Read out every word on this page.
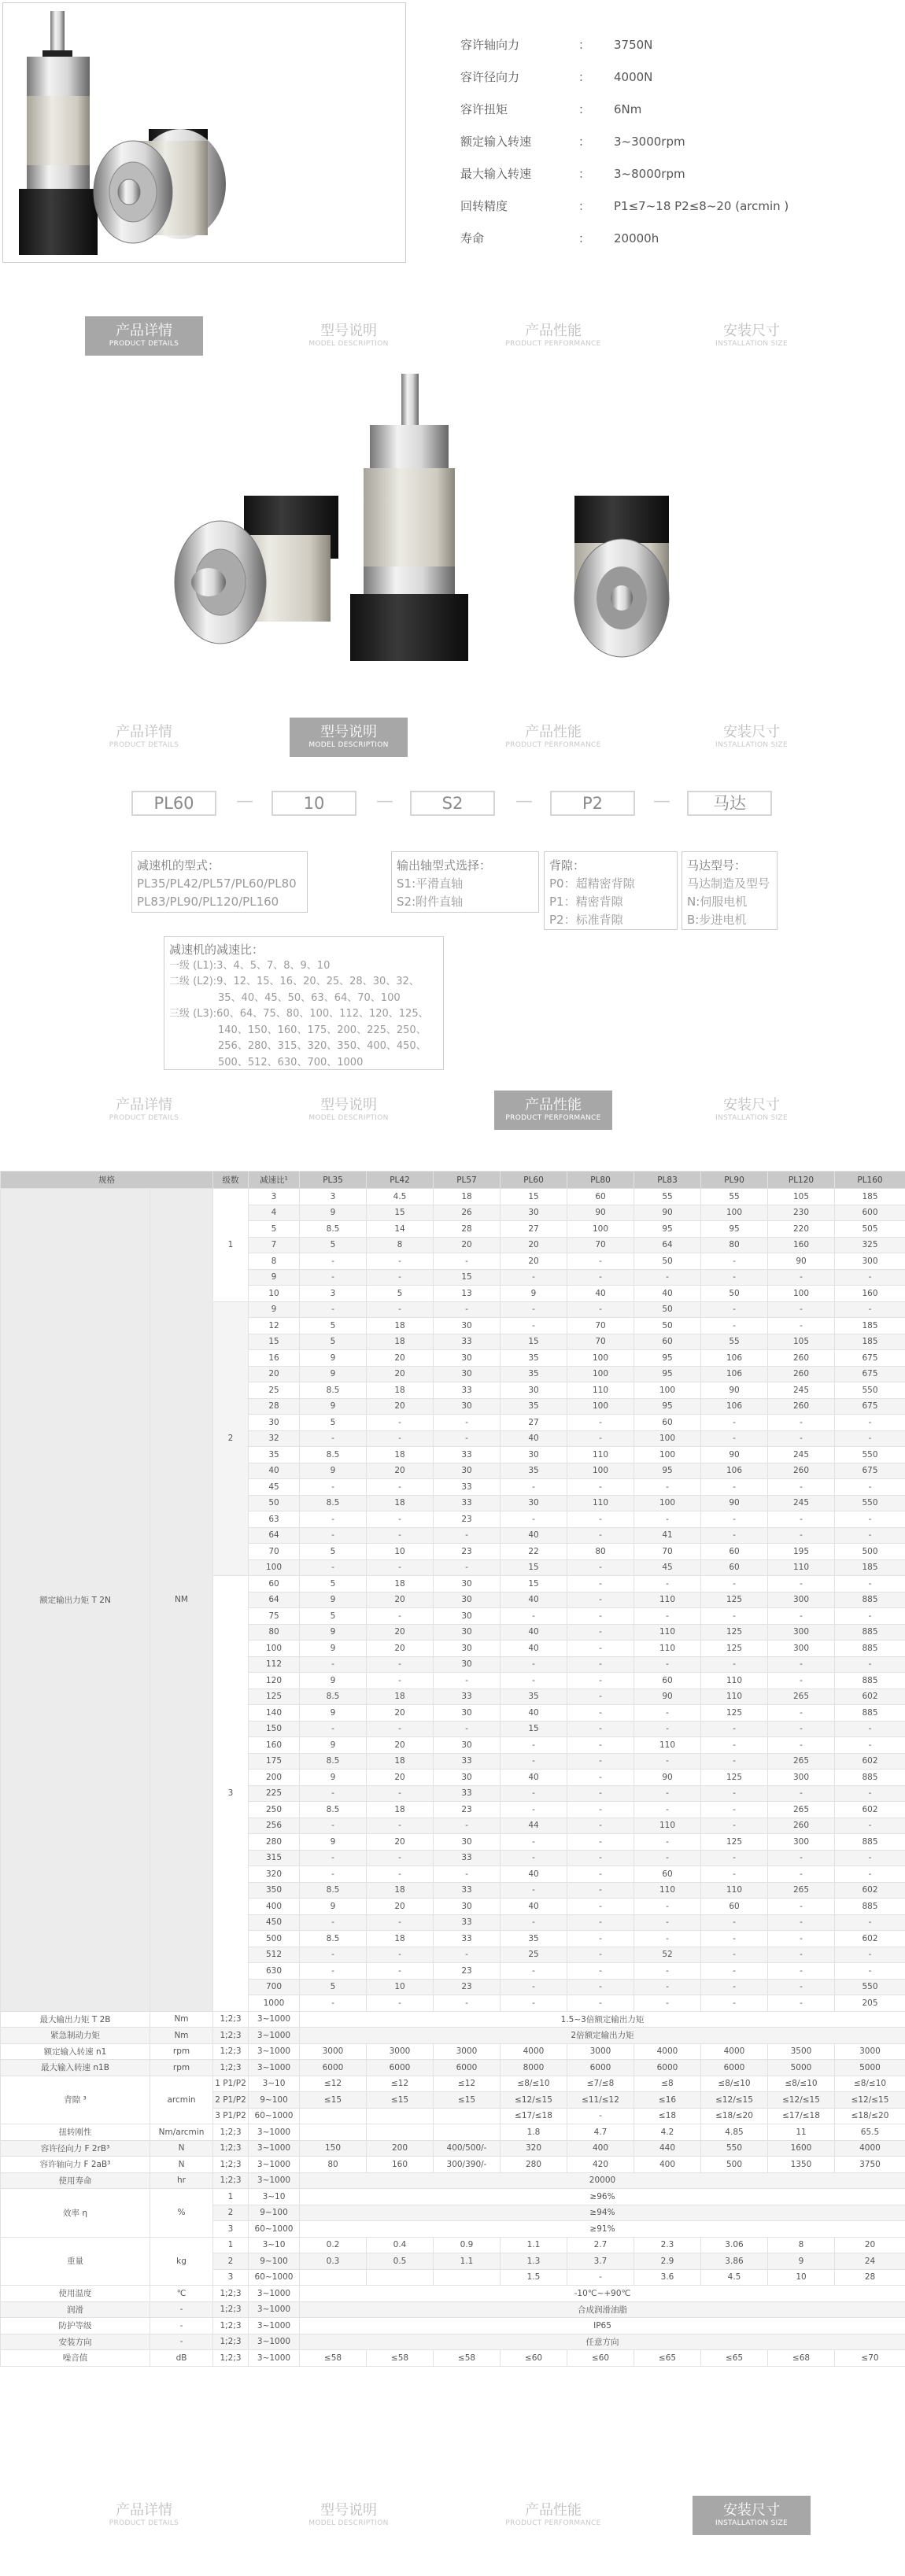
容许轴向力	： 3750N
容许径向力	： 4000N
容许扭矩	： 6Nm
额定输入转速	： 3~3000rpm
最大输入转速	： 3~8000rpm
回转精度	： P1≤7~18 P2≤8~20 (arcmin )
寿命	： 20000h
产品详情
PRODUCT DETAILS
型号说明
MODEL DESCRIPTION
产品性能
PRODUCT PERFORMANCE
安装尺寸
INSTALLATION SIZE
产品详情
PRODUCT DETAILS
型号说明
MODEL DESCRIPTION
产品性能
PRODUCT PERFORMANCE
安装尺寸
INSTALLATION SIZE
PL60	—	10	—	S2	—	P2	—	马达
减速机的型式：
PL35/PL42/PL57/PL60/PL80
PL83/PL90/PL120/PL160
输出轴型式选择：
S1:平滑直轴
S2:附件直轴
背隙：
P0：超精密背隙
P1：精密背隙
P2：标准背隙
马达型号：
马达制造及型号
N:伺服电机
B:步进电机
减速机的减速比：
一级 (L1):3、4、5、7、8、9、10
二级 (L2):9、12、15、16、20、25、28、30、32、
35、40、45、50、63、64、70、100
三级 (L3):60、64、75、80、100、112、120、125、
140、150、160、175、200、225、250、
256、280、315、320、350、400、450、
500、512、630、700、1000
产品详情
PRODUCT DETAILS
型号说明
MODEL DESCRIPTION
产品性能
PRODUCT PERFORMANCE
安装尺寸
INSTALLATION SIZE
规格		级数	减速比¹	PL35	PL42	PL57	PL60	PL80	PL83	PL90	PL120	PL160
额定输出力矩 T 2N	NM	1	3	3	4.5	18	15	60	55	55	105	185
			4	9	15	26	30	90	90	100	230	600
			5	8.5	14	28	27	100	95	95	220	505
			7	5	8	20	20	70	64	80	160	325
			8	-	-	-	20	-	50	-	90	300
			9	-	-	15	-	-	-	-	-	-
			10	3	5	13	9	40	40	50	100	160
		2	9	-	-	-	-	-	50	-	-	-
			12	5	18	30	-	70	50	-	-	185
			15	5	18	33	15	70	60	55	105	185
			16	9	20	30	35	100	95	106	260	675
			20	9	20	30	35	100	95	106	260	675
			25	8.5	18	33	30	110	100	90	245	550
			28	9	20	30	35	100	95	106	260	675
			30	5	-	-	27	-	60	-	-	-
			32	-	-	-	40	-	100	-	-	-
			35	8.5	18	33	30	110	100	90	245	550
			40	9	20	30	35	100	95	106	260	675
			45	-	-	33	-	-	-	-	-	-
			50	8.5	18	33	30	110	100	90	245	550
			63	-	-	23	-	-	-	-	-	-
			64	-	-	-	40	-	41	-	-	-
			70	5	10	23	22	80	70	60	195	500
			100	-	-	-	15	-	45	60	110	185
		3	60	5	18	30	15	-	-	-	-	-
			64	9	20	30	40	-	110	125	300	885
			75	5	-	30	-	-	-	-	-	-
			80	9	20	30	40	-	110	125	300	885
			100	9	20	30	40	-	110	125	300	885
			112	-	-	30	-	-	-	-	-	-
			120	9	-	-	-	-	60	110	-	885
			125	8.5	18	33	35	-	90	110	265	602
			140	9	20	30	40	-	-	125	-	885
			150	-	-	-	15	-	-	-	-	-
			160	9	20	30	-	-	110	-	-	-
			175	8.5	18	33	-	-	-	-	265	602
			200	9	20	30	40	-	90	125	300	885
			225	-	-	33	-	-	-	-	-	-
			250	8.5	18	23	-	-	-	-	265	602
			256	-	-	-	44	-	110	-	260	-
			280	9	20	30	-	-	-	125	300	885
			315	-	-	33	-	-	-	-	-	-
			320	-	-	-	40	-	60	-	-	-
			350	8.5	18	33	-	-	110	110	265	602
			400	9	20	30	40	-	-	60	-	885
			450	-	-	33	-	-	-	-	-	-
			500	8.5	18	33	35	-	-	-	-	602
			512	-	-	-	25	-	52	-	-	-
			630	-	-	23	-	-	-	-	-	-
			700	5	10	23	-	-	-	-	-	550
			1000	-	-	-	-	-	-	-	-	205
最大输出力矩 T 2B	Nm	1;2;3	3~1000	1.5~3倍额定输出力矩								
紧急制动力矩	Nm	1;2;3	3~1000	2倍额定输出力矩								
额定输入转速 n1	rpm	1;2;3	3~1000	3000	3000	3000	4000	3000	4000	4000	3500	3000
最大输入转速 n1B	rpm	1;2;3	3~1000	6000	6000	6000	8000	6000	6000	6000	5000	5000
背隙 ³	arcmin	1 P1/P2	3~10	≤12	≤12	≤12	≤8/≤10	≤7/≤8	≤8	≤8/≤10	≤8/≤10	≤8/≤10
		2 P1/P2	9~100	≤15	≤15	≤15	≤12/≤15	≤11/≤12	≤16	≤12/≤15	≤12/≤15	≤12/≤15
		3 P1/P2	60~1000				≤17/≤18	-	≤18	≤18/≤20	≤17/≤18	≤18/≤20
扭转刚性	Nm/arcmin	1;2;3	3~1000				1.8	4.7	4.2	4.85	11	65.5
容许径向力 F 2rB³	N	1;2;3	3~1000	150	200	400/500/-	320	400	440	550	1600	4000
容许轴向力 F 2aB³	N	1;2;3	3~1000	80	160	300/390/-	280	420	400	500	1350	3750
使用寿命	hr	1;2;3	3~1000	20000								
效率 η	%	1	3~10	≥96%								
		2	9~100	≥94%								
		3	60~1000	≥91%								
重量	kg	1	3~10	0.2	0.4	0.9	1.1	2.7	2.3	3.06	8	20
		2	9~100	0.3	0.5	1.1	1.3	3.7	2.9	3.86	9	24
		3	60~1000				1.5	-	3.6	4.5	10	28
使用温度	℃	1;2;3	3~1000	-10℃~+90℃								
润滑	-	1;2;3	3~1000	合成润滑油脂								
防护等级	-	1;2;3	3~1000	IP65								
安装方向	-	1;2;3	3~1000	任意方向								
噪音值	dB	1;2;3	3~1000	≤58	≤58	≤58	≤60	≤60	≤65	≤65	≤68	≤70
产品详情
PRODUCT DETAILS
型号说明
MODEL DESCRIPTION
产品性能
PRODUCT PERFORMANCE
安装尺寸
INSTALLATION SIZE
